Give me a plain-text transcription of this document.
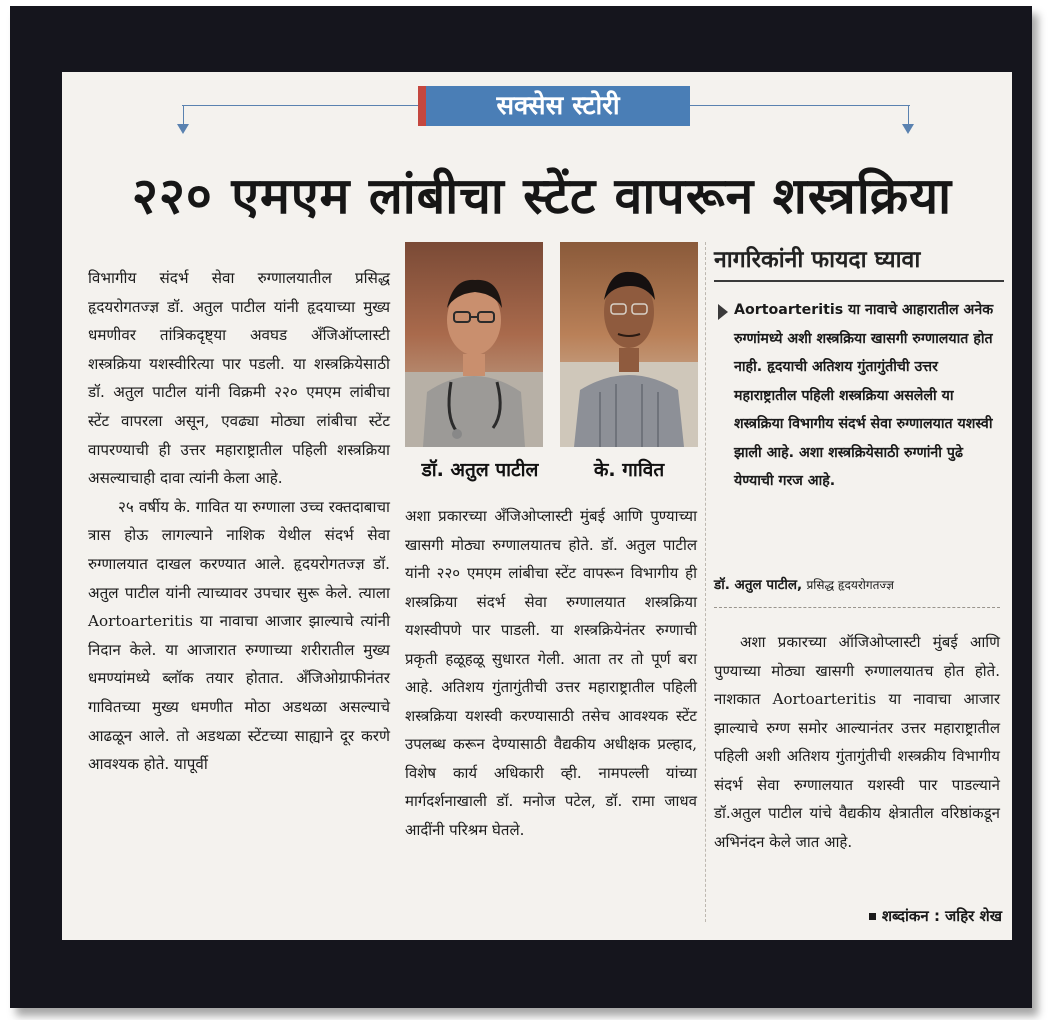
सक्सेस स्टोरी
२२० एमएम लांबीचा स्टेंट वापरून शस्त्रक्रिया

विभागीय संदर्भ सेवा रुग्णालयातील प्रसिद्ध हृदयरोगतज्ज्ञ डॉ. अतुल पाटील यांनी हृदयाच्या मुख्य धमणीवर तांत्रिकदृष्ट्या अवघड अँजिऑप्लास्टी शस्त्रक्रिया यशस्वीरित्या पार पडली. या शस्त्रक्रियेसाठी डॉ. अतुल पाटील यांनी विक्रमी २२० एमएम लांबीचा स्टेंट वापरला असून, एवढ्या मोठ्या लांबीचा स्टेंट वापरण्याची ही उत्तर महाराष्ट्रातील पहिली शस्त्रक्रिया असल्याचाही दावा त्यांनी केला आहे.

२५ वर्षीय के. गावित या रुग्णाला उच्च रक्तदाबाचा त्रास होऊ लागल्याने नाशिक येथील संदर्भ सेवा रुग्णालयात दाखल करण्यात आले. हृदयरोगतज्ज्ञ डॉ. अतुल पाटील यांनी त्याच्यावर उपचार सुरू केले. त्याला Aortoarteritis या नावाचा आजार झाल्याचे त्यांनी निदान केले. या आजारात रुग्णाच्या शरीरातील मुख्य धमण्यांमध्ये ब्लॉक तयार होतात. अँजिओग्राफीनंतर गावितच्या मुख्य धमणीत मोठा अडथळा असल्याचे आढळून आले. तो अडथळा स्टेंटच्या साह्याने दूर करणे आवश्यक होते. यापूर्वी

डॉ. अतुल पाटील	के. गावित
अशा प्रकारच्या अँजिओप्लास्टी मुंबई आणि पुण्याच्या खासगी मोठ्या रुग्णालयातच होते. डॉ. अतुल पाटील यांनी २२० एमएम लांबीचा स्टेंट वापरून विभागीय ही शस्त्रक्रिया संदर्भ सेवा रुग्णालयात शस्त्रक्रिया यशस्वीपणे पार पाडली. या शस्त्रक्रियेनंतर रुग्णाची प्रकृती हळूहळू सुधारत गेली. आता तर तो पूर्ण बरा आहे. अतिशय गुंतागुंतीची उत्तर महाराष्ट्रातील पहिली शस्त्रक्रिया यशस्वी करण्यासाठी तसेच आवश्यक स्टेंट उपलब्ध करून देण्यासाठी वैद्यकीय अधीक्षक प्रल्हाद, विशेष कार्य अधिकारी व्ही. नामपल्ली यांच्या मार्गदर्शनाखाली डॉ. मनोज पटेल, डॉ. रामा जाधव आदींनी परिश्रम घेतले.
नागरिकांनी फायदा घ्यावा

Aortoarteritis या नावाचे आहारातील अनेक रुग्णांमध्ये अशी शस्त्रक्रिया खासगी रुग्णालयात होत नाही. हृदयाची अतिशय गुंतागुंतीची उत्तर महाराष्ट्रातील पहिली शस्त्रक्रिया असलेली या शस्त्रक्रिया विभागीय संदर्भ सेवा रुग्णालयात यशस्वी झाली आहे. अशा शस्त्रक्रियेसाठी रुग्णांनी पुढे येण्याची गरज आहे.

डॉ. अतुल पाटील, प्रसिद्ध हृदयरोगतज्ज्ञ
अशा प्रकारच्या ऑजिओप्लास्टी मुंबई आणि पुण्याच्या मोठ्या खासगी रुग्णालयातच होत होते. नाशकात Aortoarteritis या नावाचा आजार झाल्याचे रुग्ण समोर आल्यानंतर उत्तर महाराष्ट्रातील पहिली अशी अतिशय गुंतागुंतीची शस्त्रक्रीय विभागीय संदर्भ सेवा रुग्णालयात यशस्वी पार पाडल्याने डॉ.अतुल पाटील यांचे वैद्यकीय क्षेत्रातील वरिष्ठांकडून अभिनंदन केले जात आहे.
शब्दांकन : जहिर शेख
